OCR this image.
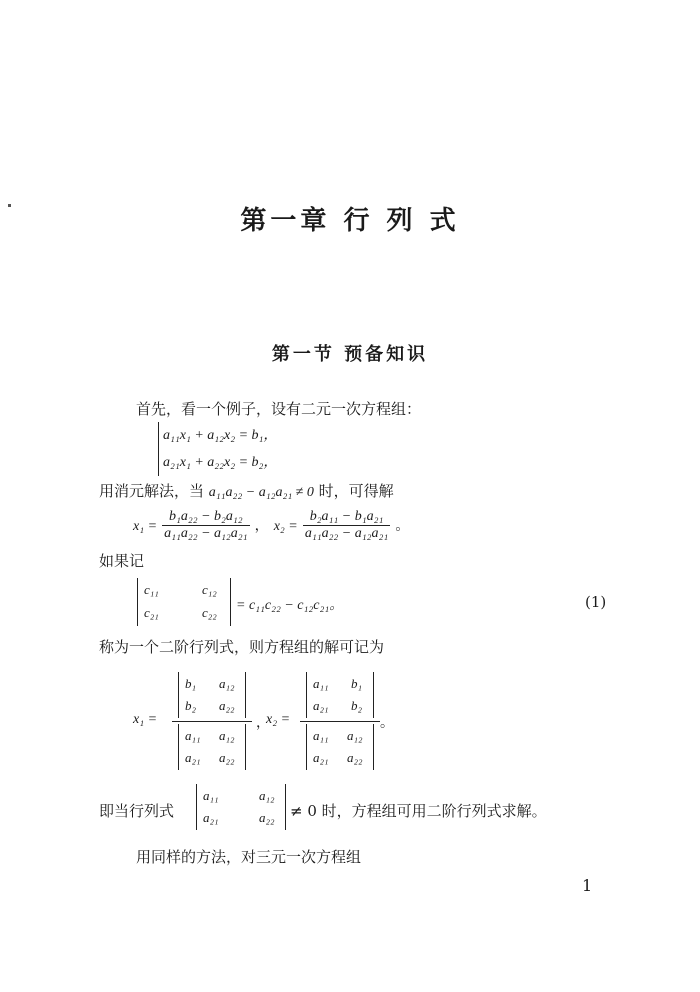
第一章 行 列 式
第一节 预备知识
首先，看一个例子，设有二元一次方程组：
a₁₁x₁ + a₁₂x₂ = b₁，
a₂₁x₁ + a₂₂x₂ = b₂，
用消元解法，当 a₁₁a₂₂ − a₁₂a₂₁ ≠ 0 时，可得解
$x_1 = \frac{\text{b₁a₂₂ − b₂a₁₂}}{\text{a₁₁a₂₂ − a₁₂a₂₁}}$ ， $x_2 = \frac{\text{b₂a₁₁ − b₁a₂₁}}{\text{a₁₁a₂₂ − a₁₂a₂₁}}$ 。
如果记
c₁₁	c₁₂
c₂₁	c₂₂ = c₁₁c₂₂ − c₁₂c₂₁。	(1)
称为一个二阶行列式，则方程组的解可记为
x₁ =
b₁ a₁₂
b₂ a₂₂
a₁₁ a₁₂
a₂₁ a₂₂
，
x₂ =
a₁₁ b₁
a₂₁ b₂
a₁₁ a₁₂
a₂₁ a₂₂
。
即当行列式
a₁₁	a₁₂
a₂₁	a₂₂ ≠ 0 时，方程组可用二阶行列式求解。
用同样的方法，对三元一次方程组
1
